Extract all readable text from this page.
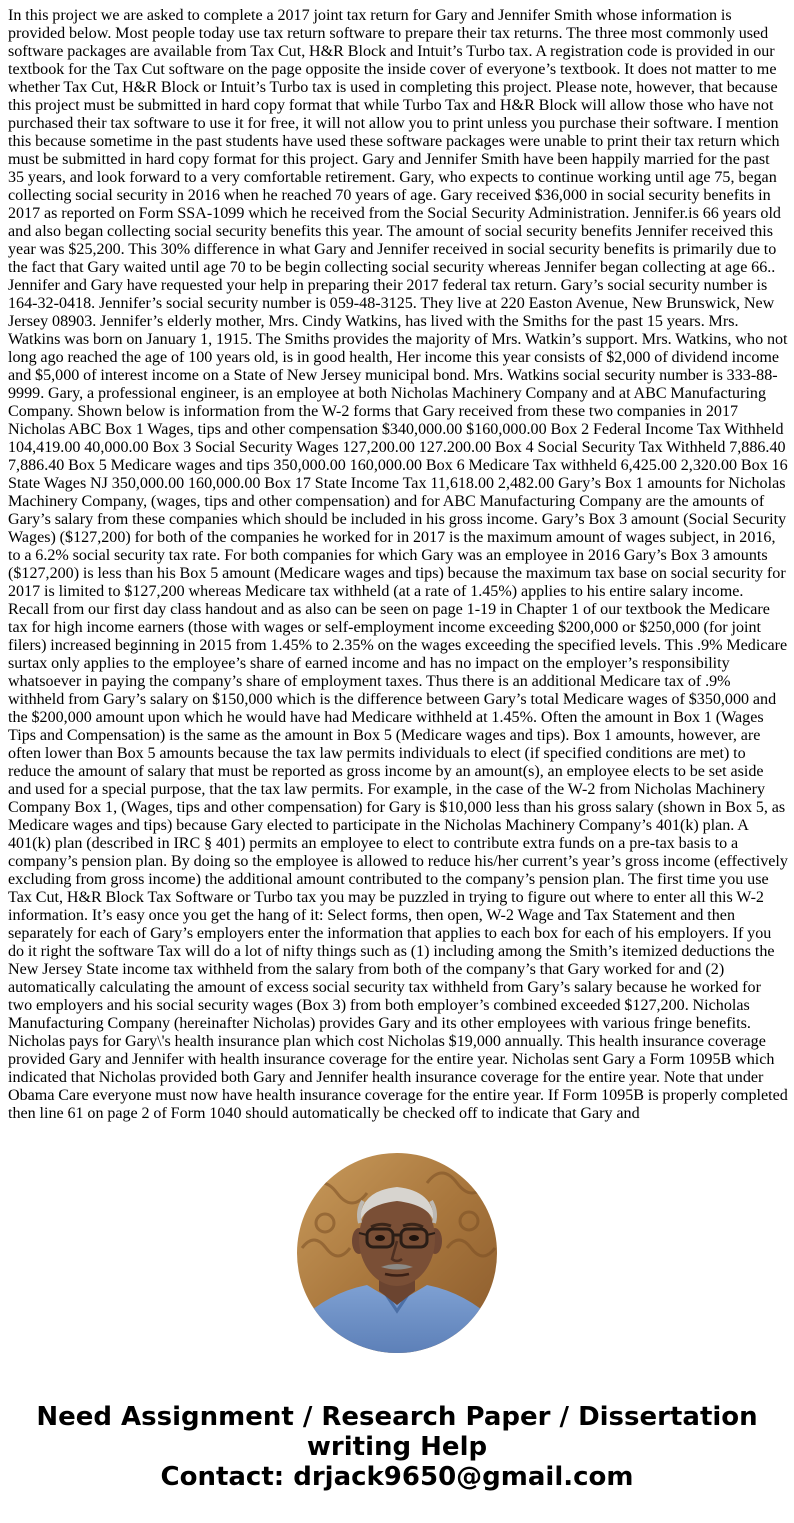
In this project we are asked to complete a 2017 joint tax return for Gary and Jennifer Smith whose information is provided below. Most people today use tax return software to prepare their tax returns. The three most commonly used software packages are available from Tax Cut, H&R Block and Intuit’s Turbo tax. A registration code is provided in our textbook for the Tax Cut software on the page opposite the inside cover of everyone’s textbook. It does not matter to me whether Tax Cut, H&R Block or Intuit’s Turbo tax is used in completing this project. Please note, however, that because this project must be submitted in hard copy format that while Turbo Tax and H&R Block will allow those who have not purchased their tax software to use it for free, it will not allow you to print unless you purchase their software. I mention this because sometime in the past students have used these software packages were unable to print their tax return which must be submitted in hard copy format for this project. Gary and Jennifer Smith have been happily married for the past 35 years, and look forward to a very comfortable retirement. Gary, who expects to continue working until age 75, began collecting social security in 2016 when he reached 70 years of age. Gary received $36,000 in social security benefits in 2017 as reported on Form SSA-1099 which he received from the Social Security Administration. Jennifer.is 66 years old and also began collecting social security benefits this year. The amount of social security benefits Jennifer received this year was $25,200. This 30% difference in what Gary and Jennifer received in social security benefits is primarily due to the fact that Gary waited until age 70 to be begin collecting social security whereas Jennifer began collecting at age 66.. Jennifer and Gary have requested your help in preparing their 2017 federal tax return. Gary’s social security number is 164-32-0418. Jennifer’s social security number is 059-48-3125. They live at 220 Easton Avenue, New Brunswick, New Jersey 08903. Jennifer’s elderly mother, Mrs. Cindy Watkins, has lived with the Smiths for the past 15 years. Mrs. Watkins was born on January 1, 1915. The Smiths provides the majority of Mrs. Watkin’s support. Mrs. Watkins, who not long ago reached the age of 100 years old, is in good health, Her income this year consists of $2,000 of dividend income and $5,000 of interest income on a State of New Jersey municipal bond. Mrs. Watkins social security number is 333-88-9999. Gary, a professional engineer, is an employee at both Nicholas Machinery Company and at ABC Manufacturing Company. Shown below is information from the W-2 forms that Gary received from these two companies in 2017 Nicholas ABC Box 1 Wages, tips and other compensation $340,000.00 $160,000.00 Box 2 Federal Income Tax Withheld 104,419.00 40,000.00 Box 3 Social Security Wages 127,200.00 127.200.00 Box 4 Social Security Tax Withheld 7,886.40 7,886.40 Box 5 Medicare wages and tips 350,000.00 160,000.00 Box 6 Medicare Tax withheld 6,425.00 2,320.00 Box 16 State Wages NJ 350,000.00 160,000.00 Box 17 State Income Tax 11,618.00 2,482.00 Gary’s Box 1 amounts for Nicholas Machinery Company, (wages, tips and other compensation) and for ABC Manufacturing Company are the amounts of Gary’s salary from these companies which should be included in his gross income. Gary’s Box 3 amount (Social Security Wages) ($127,200) for both of the companies he worked for in 2017 is the maximum amount of wages subject, in 2016, to a 6.2% social security tax rate. For both companies for which Gary was an employee in 2016 Gary’s Box 3 amounts ($127,200) is less than his Box 5 amount (Medicare wages and tips) because the maximum tax base on social security for 2017 is limited to $127,200 whereas Medicare tax withheld (at a rate of 1.45%) applies to his entire salary income. Recall from our first day class handout and as also can be seen on page 1-19 in Chapter 1 of our textbook the Medicare tax for high income earners (those with wages or self-employment income exceeding $200,000 or $250,000 (for joint filers) increased beginning in 2015 from 1.45% to 2.35% on the wages exceeding the specified levels. This .9% Medicare surtax only applies to the employee’s share of earned income and has no impact on the employer’s responsibility whatsoever in paying the company’s share of employment taxes. Thus there is an additional Medicare tax of .9% withheld from Gary’s salary on $150,000 which is the difference between Gary’s total Medicare wages of $350,000 and the $200,000 amount upon which he would have had Medicare withheld at 1.45%. Often the amount in Box 1 (Wages Tips and Compensation) is the same as the amount in Box 5 (Medicare wages and tips). Box 1 amounts, however, are often lower than Box 5 amounts because the tax law permits individuals to elect (if specified conditions are met) to reduce the amount of salary that must be reported as gross income by an amount(s), an employee elects to be set aside and used for a special purpose, that the tax law permits. For example, in the case of the W-2 from Nicholas Machinery Company Box 1, (Wages, tips and other compensation) for Gary is $10,000 less than his gross salary (shown in Box 5, as Medicare wages and tips) because Gary elected to participate in the Nicholas Machinery Company’s 401(k) plan. A 401(k) plan (described in IRC § 401) permits an employee to elect to contribute extra funds on a pre-tax basis to a company’s pension plan. By doing so the employee is allowed to reduce his/her current’s year’s gross income (effectively excluding from gross income) the additional amount contributed to the company’s pension plan. The first time you use Tax Cut, H&R Block Tax Software or Turbo tax you may be puzzled in trying to figure out where to enter all this W-2 information. It’s easy once you get the hang of it: Select forms, then open, W-2 Wage and Tax Statement and then separately for each of Gary’s employers enter the information that applies to each box for each of his employers. If you do it right the software Tax will do a lot of nifty things such as (1) including among the Smith’s itemized deductions the New Jersey State income tax withheld from the salary from both of the company’s that Gary worked for and (2) automatically calculating the amount of excess social security tax withheld from Gary’s salary because he worked for two employers and his social security wages (Box 3) from both employer’s combined exceeded $127,200. Nicholas Manufacturing Company (hereinafter Nicholas) provides Gary and its other employees with various fringe benefits. Nicholas pays for Gary\'s health insurance plan which cost Nicholas $19,000 annually. This health insurance coverage provided Gary and Jennifer with health insurance coverage for the entire year. Nicholas sent Gary a Form 1095B which indicated that Nicholas provided both Gary and Jennifer health insurance coverage for the entire year. Note that under Obama Care everyone must now have health insurance coverage for the entire year. If Form 1095B is properly completed then line 61 on page 2 of Form 1040 should automatically be checked off to indicate that Gary and

Need Assignment / Research Paper / Dissertation
writing Help
Contact: drjack9650@gmail.com
